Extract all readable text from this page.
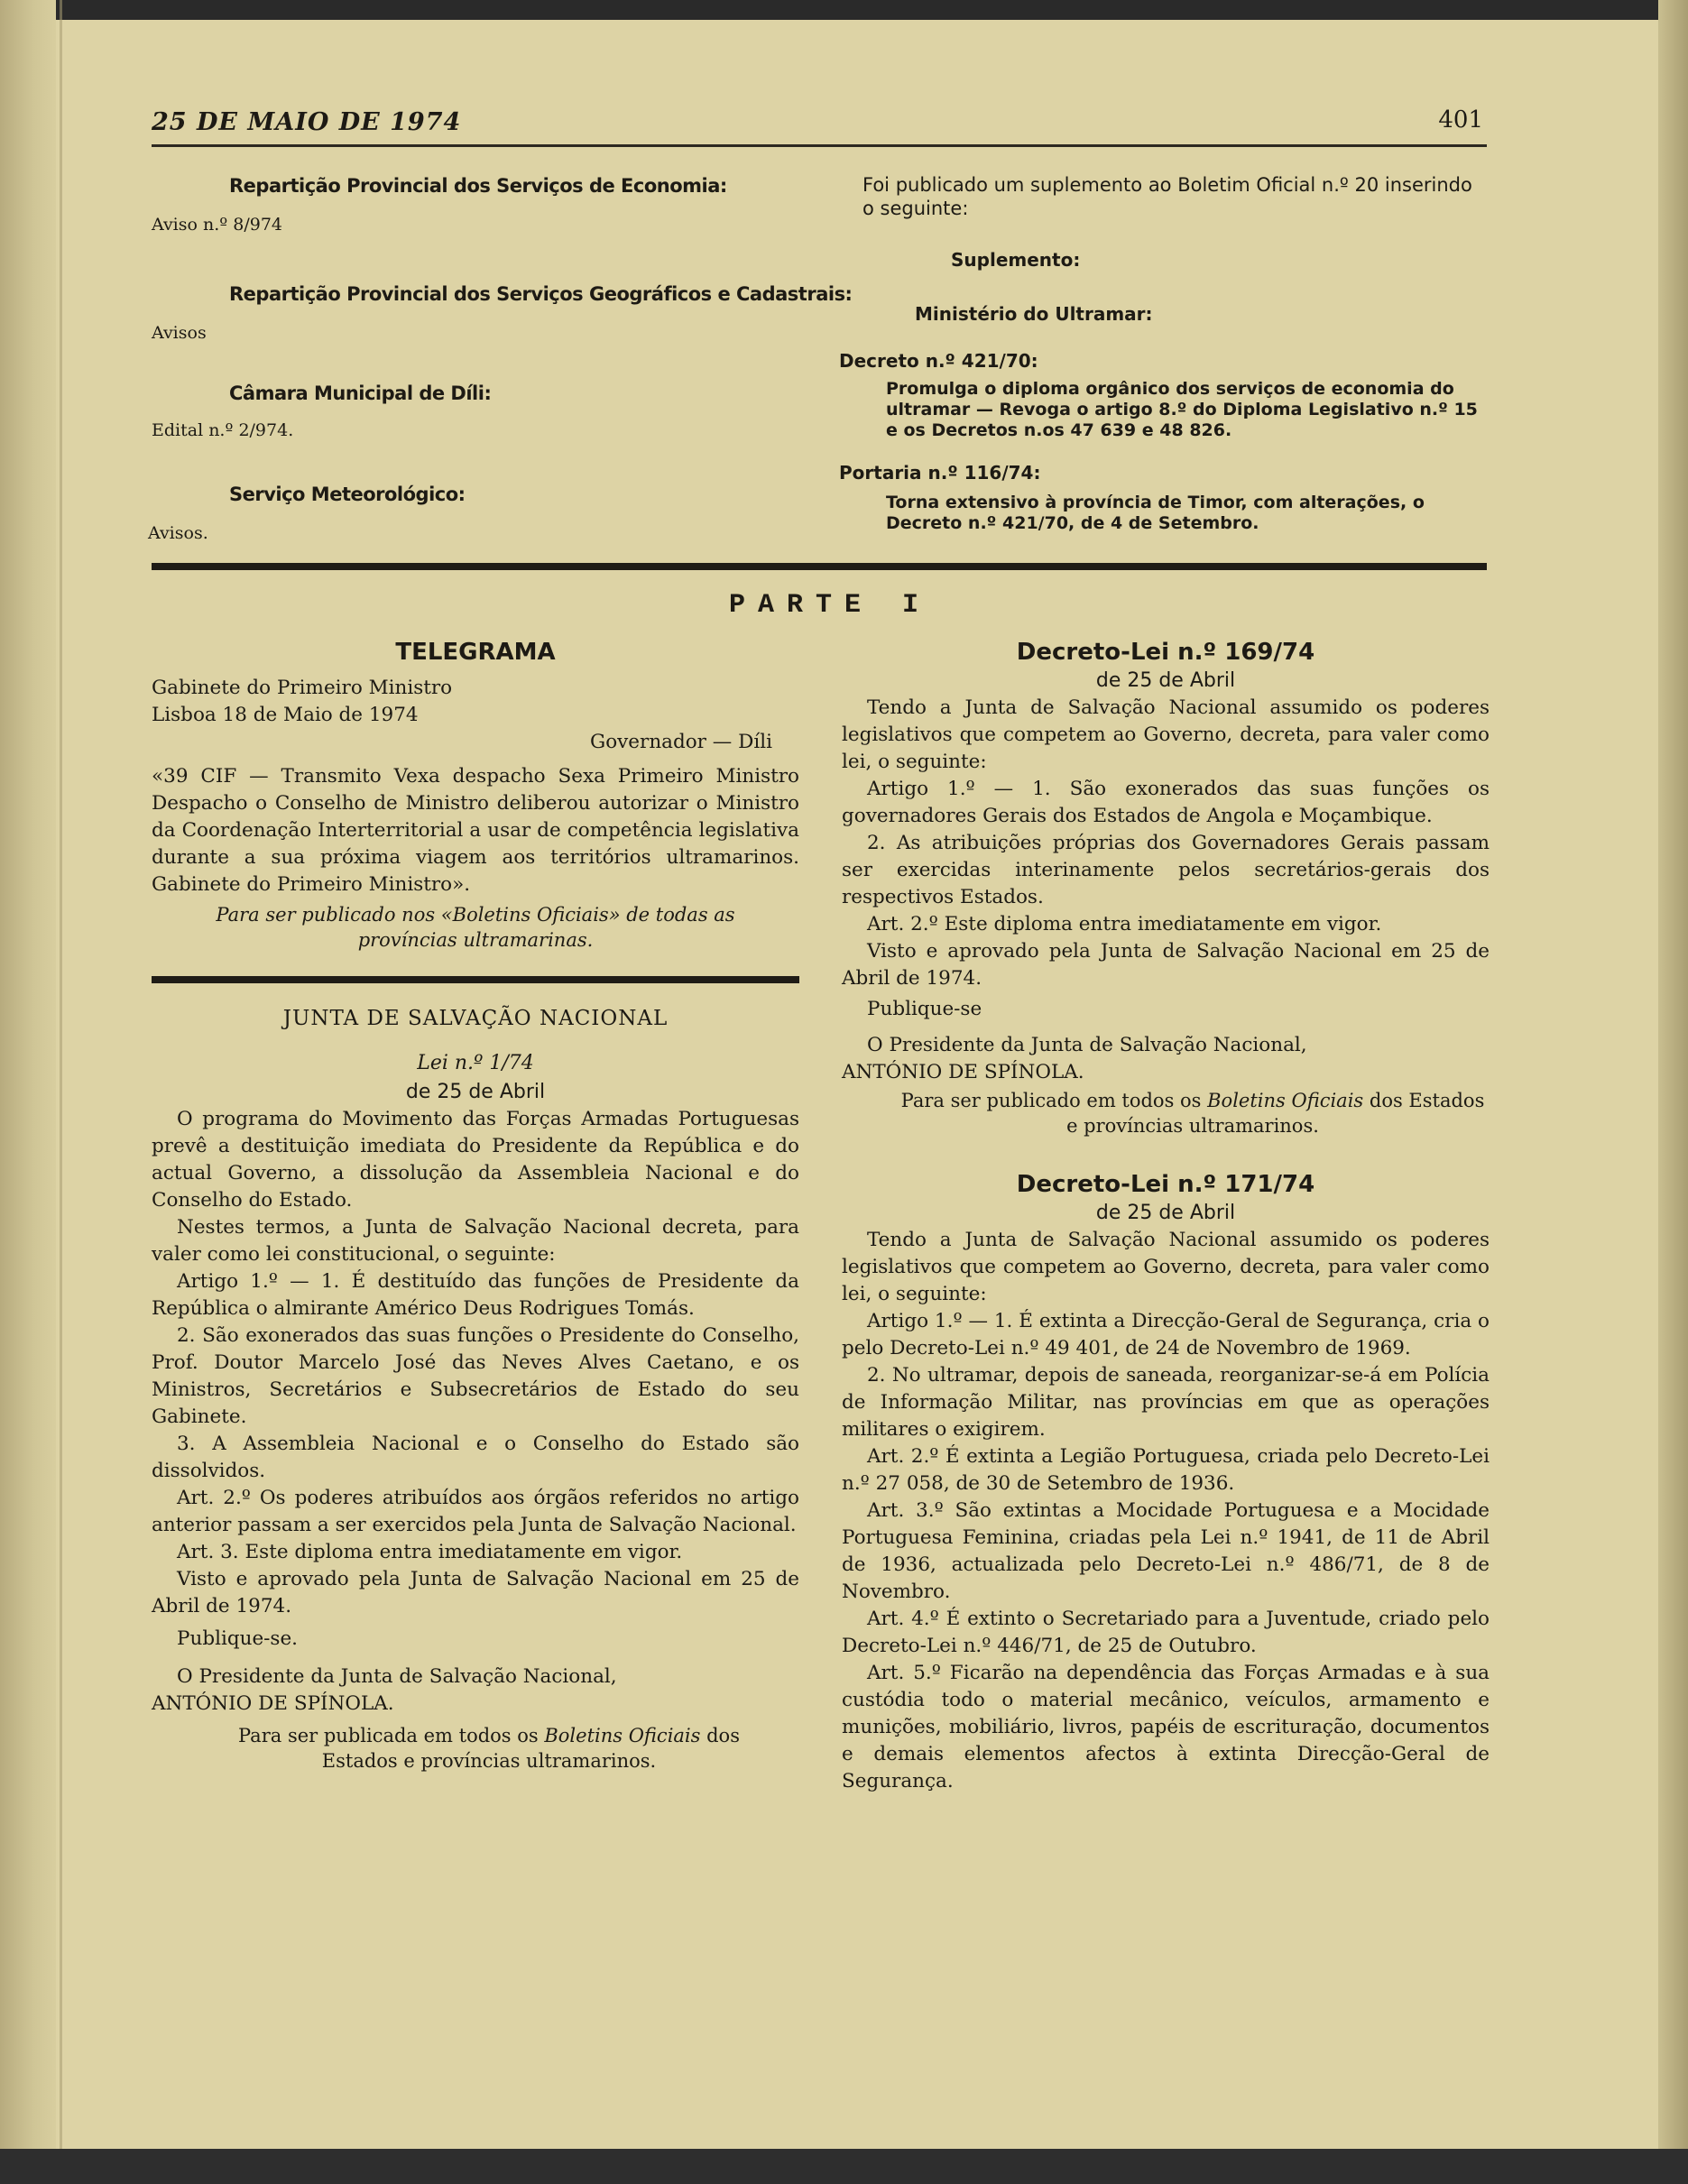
25 DE MAIO DE 1974	401
Repartição Provincial dos Serviços de Economia:
Aviso n.º 8/974
Repartição Provincial dos Serviços Geográficos e Cadastrais:
Avisos
Câmara Municipal de Díli:
Edital n.º 2/974.
Serviço Meteorológico:
Avisos.
Foi publicado um suplemento ao Boletim Oficial n.º 20 inserindo o seguinte:
Suplemento:
Ministério do Ultramar:
Decreto n.º 421/70:
Promulga o diploma orgânico dos serviços de economia do ultramar — Revoga o artigo 8.º do Diploma Legislativo n.º 15 e os Decretos n.os 47 639 e 48 826.
Portaria n.º 116/74:
Torna extensivo à província de Timor, com alterações, o Decreto n.º 421/70, de 4 de Setembro.
PARTE I
TELEGRAMA

Gabinete do Primeiro Ministro

Lisboa 18 de Maio de 1974

Governador — Díli

«39 CIF — Transmito Vexa despacho Sexa Primeiro Ministro Despacho o Conselho de Ministro deliberou autorizar o Ministro da Coordenação Interterritorial a usar de competência legislativa durante a sua próxima viagem aos territórios ultramarinos. Gabinete do Primeiro Ministro».

Para ser publicado nos «Boletins Oficiais» de todas as províncias ultramarinas.

JUNTA DE SALVAÇÃO NACIONAL
Lei n.º 1/74

de 25 de Abril

O programa do Movimento das Forças Armadas Portuguesas prevê a destituição imediata do Presidente da República e do actual Governo, a dissolução da Assembleia Nacional e do Conselho do Estado.

Nestes termos, a Junta de Salvação Nacional decreta, para valer como lei constitucional, o seguinte:

Artigo 1.º — 1. É destituído das funções de Presidente da República o almirante Américo Deus Rodrigues Tomás.

2. São exonerados das suas funções o Presidente do Conselho, Prof. Doutor Marcelo José das Neves Alves Caetano, e os Ministros, Secretários e Subsecretários de Estado do seu Gabinete.

3. A Assembleia Nacional e o Conselho do Estado são dissolvidos.

Art. 2.º Os poderes atribuídos aos órgãos referidos no artigo anterior passam a ser exercidos pela Junta de Salvação Nacional.

Art. 3. Este diploma entra imediatamente em vigor.

Visto e aprovado pela Junta de Salvação Nacional em 25 de Abril de 1974.

Publique-se.

O Presidente da Junta de Salvação Nacional,

ANTÓNIO DE SPÍNOLA.

Para ser publicada em todos os Boletins Oficiais dos Estados e províncias ultramarinos.

Decreto-Lei n.º 169/74

de 25 de Abril

Tendo a Junta de Salvação Nacional assumido os poderes legislativos que competem ao Governo, decreta, para valer como lei, o seguinte:

Artigo 1.º — 1. São exonerados das suas funções os governadores Gerais dos Estados de Angola e Moçambique.

2. As atribuições próprias dos Governadores Gerais passam ser exercidas interinamente pelos secretários-gerais dos respectivos Estados.

Art. 2.º Este diploma entra imediatamente em vigor.

Visto e aprovado pela Junta de Salvação Nacional em 25 de Abril de 1974.

Publique-se

O Presidente da Junta de Salvação Nacional,

ANTÓNIO DE SPÍNOLA.

Para ser publicado em todos os Boletins Oficiais dos Estados e províncias ultramarinos.

Decreto-Lei n.º 171/74

de 25 de Abril

Tendo a Junta de Salvação Nacional assumido os poderes legislativos que competem ao Governo, decreta, para valer como lei, o seguinte:

Artigo 1.º — 1. É extinta a Direcção-Geral de Segurança, cria o pelo Decreto-Lei n.º 49 401, de 24 de Novembro de 1969.

2. No ultramar, depois de saneada, reorganizar-se-á em Polícia de Informação Militar, nas províncias em que as operações militares o exigirem.

Art. 2.º É extinta a Legião Portuguesa, criada pelo Decreto-Lei n.º 27 058, de 30 de Setembro de 1936.

Art. 3.º São extintas a Mocidade Portuguesa e a Mocidade Portuguesa Feminina, criadas pela Lei n.º 1941, de 11 de Abril de 1936, actualizada pelo Decreto-Lei n.º 486/71, de 8 de Novembro.

Art. 4.º É extinto o Secretariado para a Juventude, criado pelo Decreto-Lei n.º 446/71, de 25 de Outubro.

Art. 5.º Ficarão na dependência das Forças Armadas e à sua custódia todo o material mecânico, veículos, armamento e munições, mobiliário, livros, papéis de escrituração, documentos e demais elementos afectos à extinta Direcção-Geral de Segurança.
